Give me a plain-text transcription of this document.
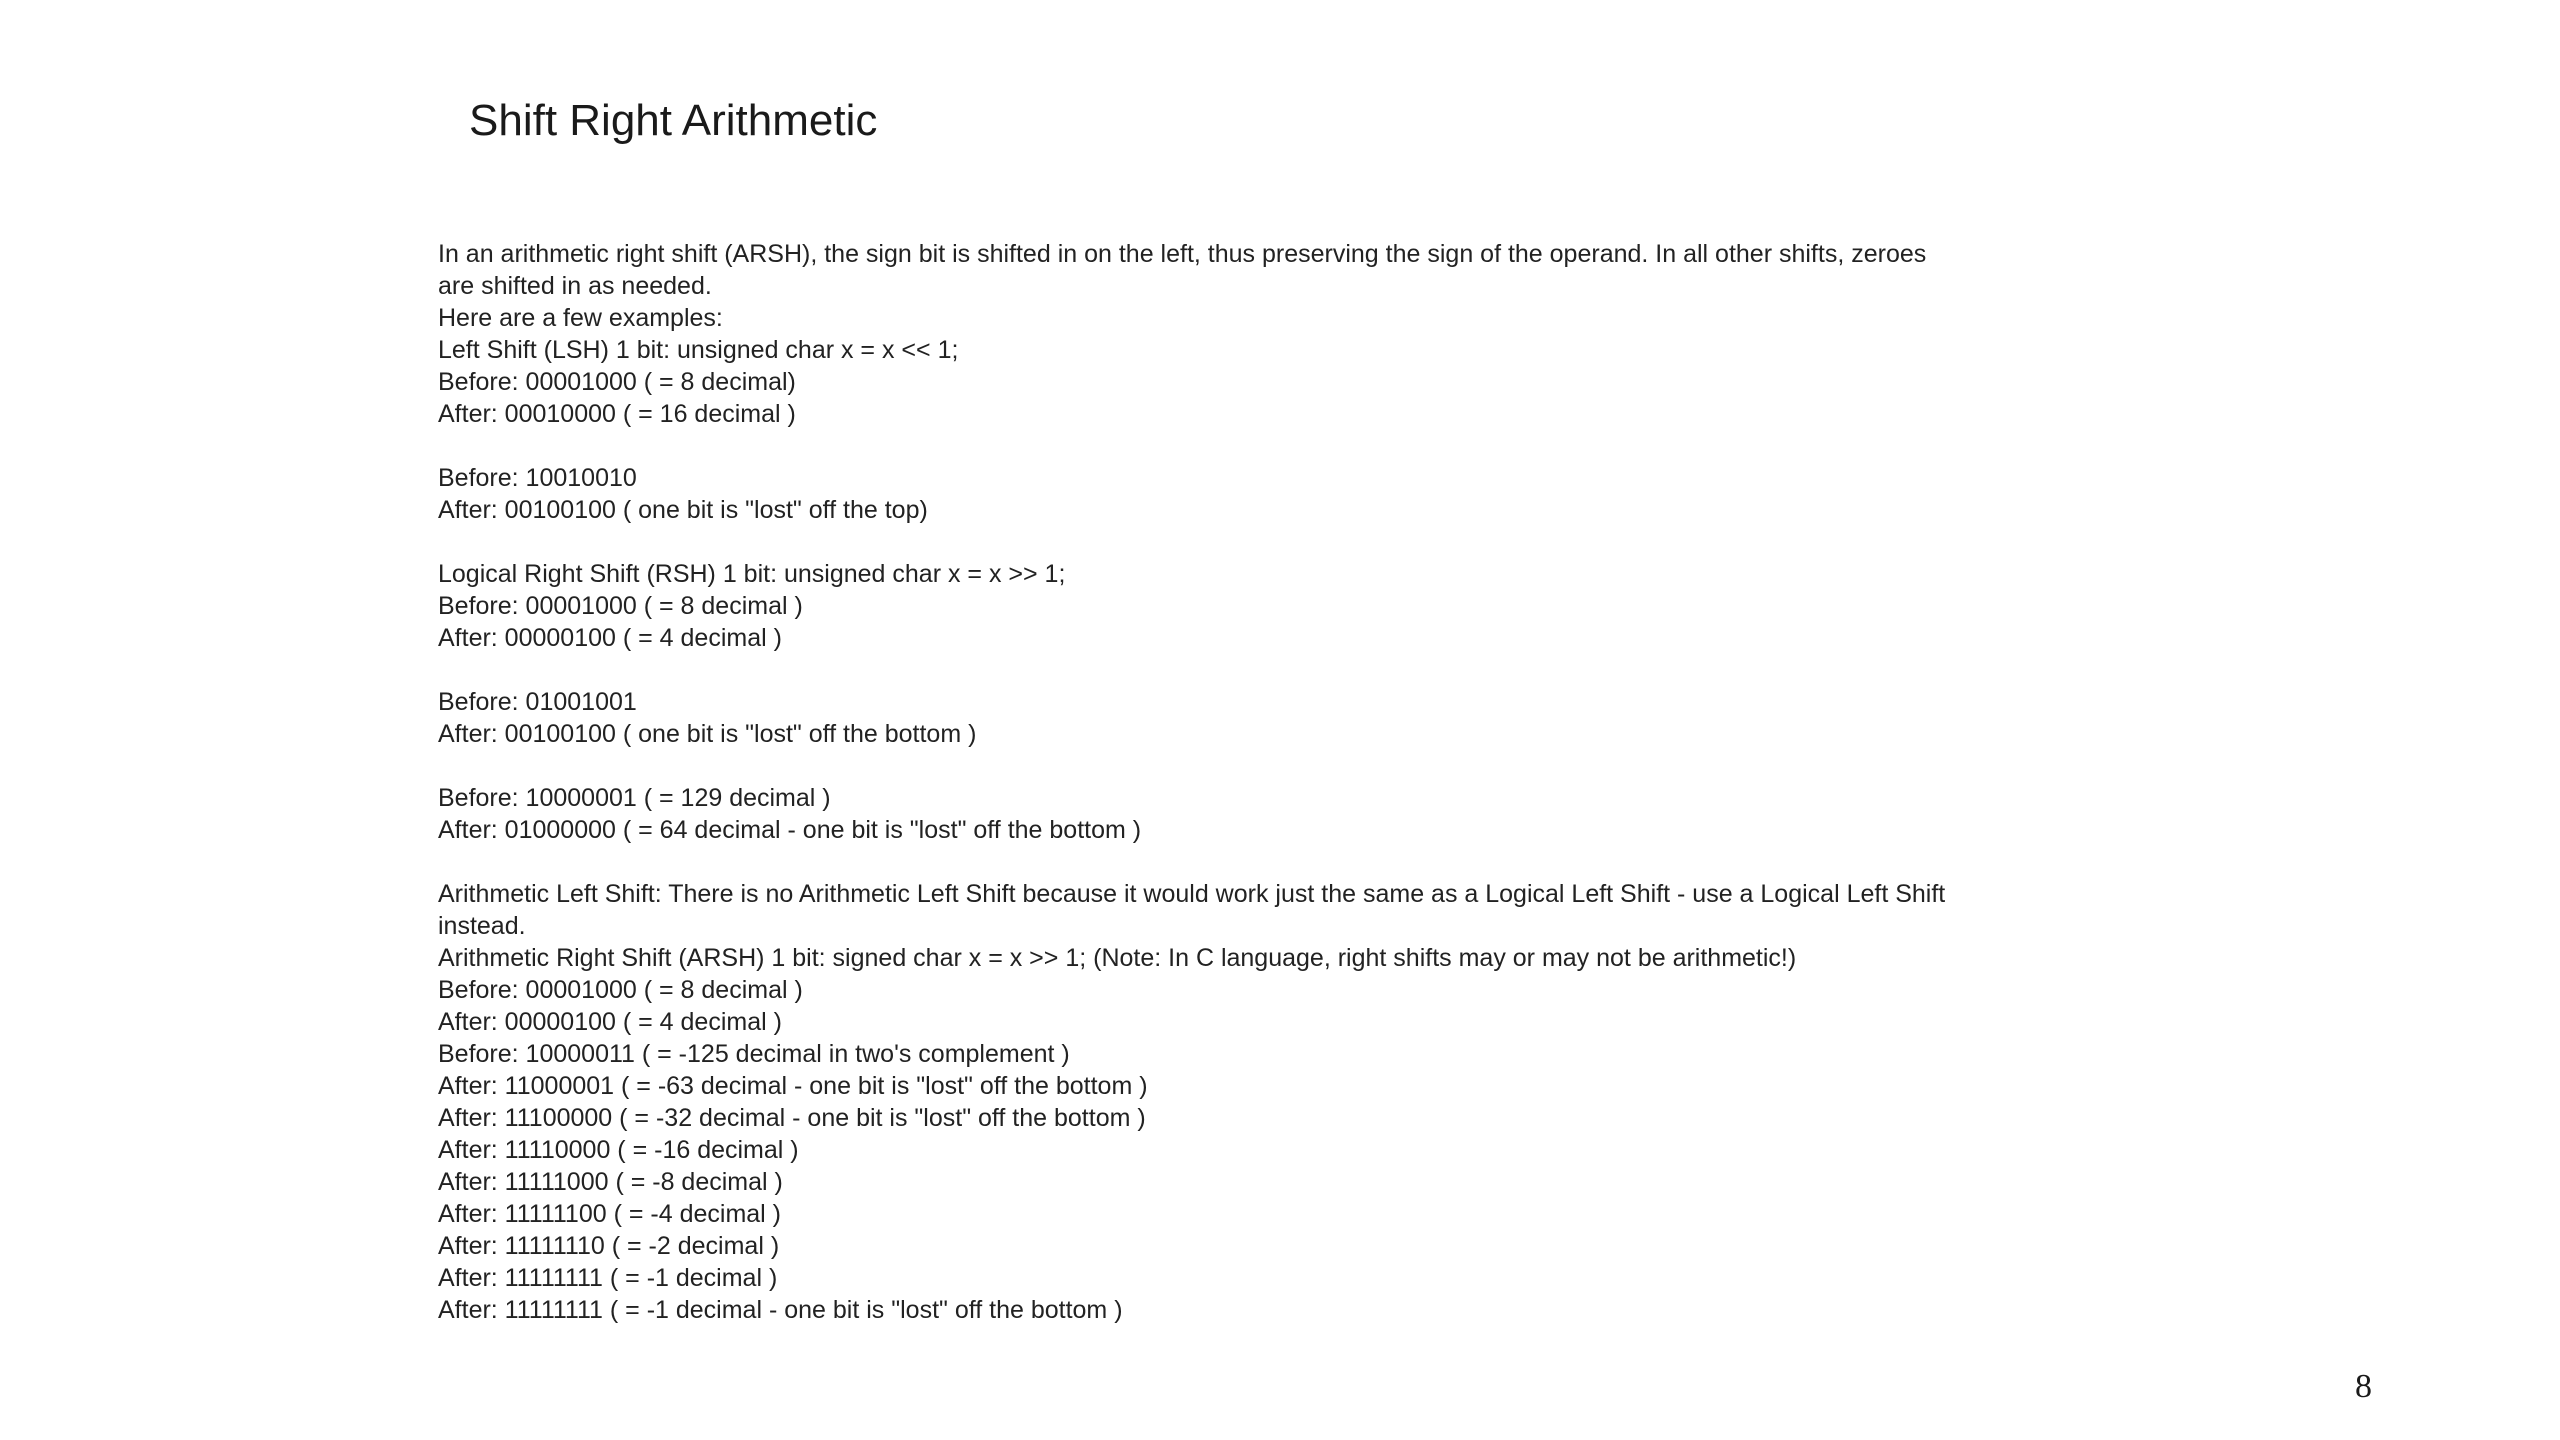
Shift Right Arithmetic
In an arithmetic right shift (ARSH), the sign bit is shifted in on the left, thus preserving the sign of the operand. In all other shifts, zeroes
are shifted in as needed.
Here are a few examples:
Left Shift (LSH) 1 bit: unsigned char x = x << 1;
Before: 00001000 ( = 8 decimal)
After: 00010000 ( = 16 decimal )
Before: 10010010
After: 00100100 ( one bit is "lost" off the top)
Logical Right Shift (RSH) 1 bit: unsigned char x = x >> 1;
Before: 00001000 ( = 8 decimal )
After: 00000100 ( = 4 decimal )
Before: 01001001
After: 00100100 ( one bit is "lost" off the bottom )
Before: 10000001 ( = 129 decimal )
After: 01000000 ( = 64 decimal - one bit is "lost" off the bottom )
Arithmetic Left Shift: There is no Arithmetic Left Shift because it would work just the same as a Logical Left Shift - use a Logical Left Shift
instead.
Arithmetic Right Shift (ARSH) 1 bit: signed char x = x >> 1; (Note: In C language, right shifts may or may not be arithmetic!)
Before: 00001000 ( = 8 decimal )
After: 00000100 ( = 4 decimal )
Before: 10000011 ( = -125 decimal in two's complement )
After: 11000001 ( = -63 decimal - one bit is "lost" off the bottom )
After: 11100000 ( = -32 decimal - one bit is "lost" off the bottom )
After: 11110000 ( = -16 decimal )
After: 11111000 ( = -8 decimal )
After: 11111100 ( = -4 decimal )
After: 11111110 ( = -2 decimal )
After: 11111111 ( = -1 decimal )
After: 11111111 ( = -1 decimal - one bit is "lost" off the bottom )
8
